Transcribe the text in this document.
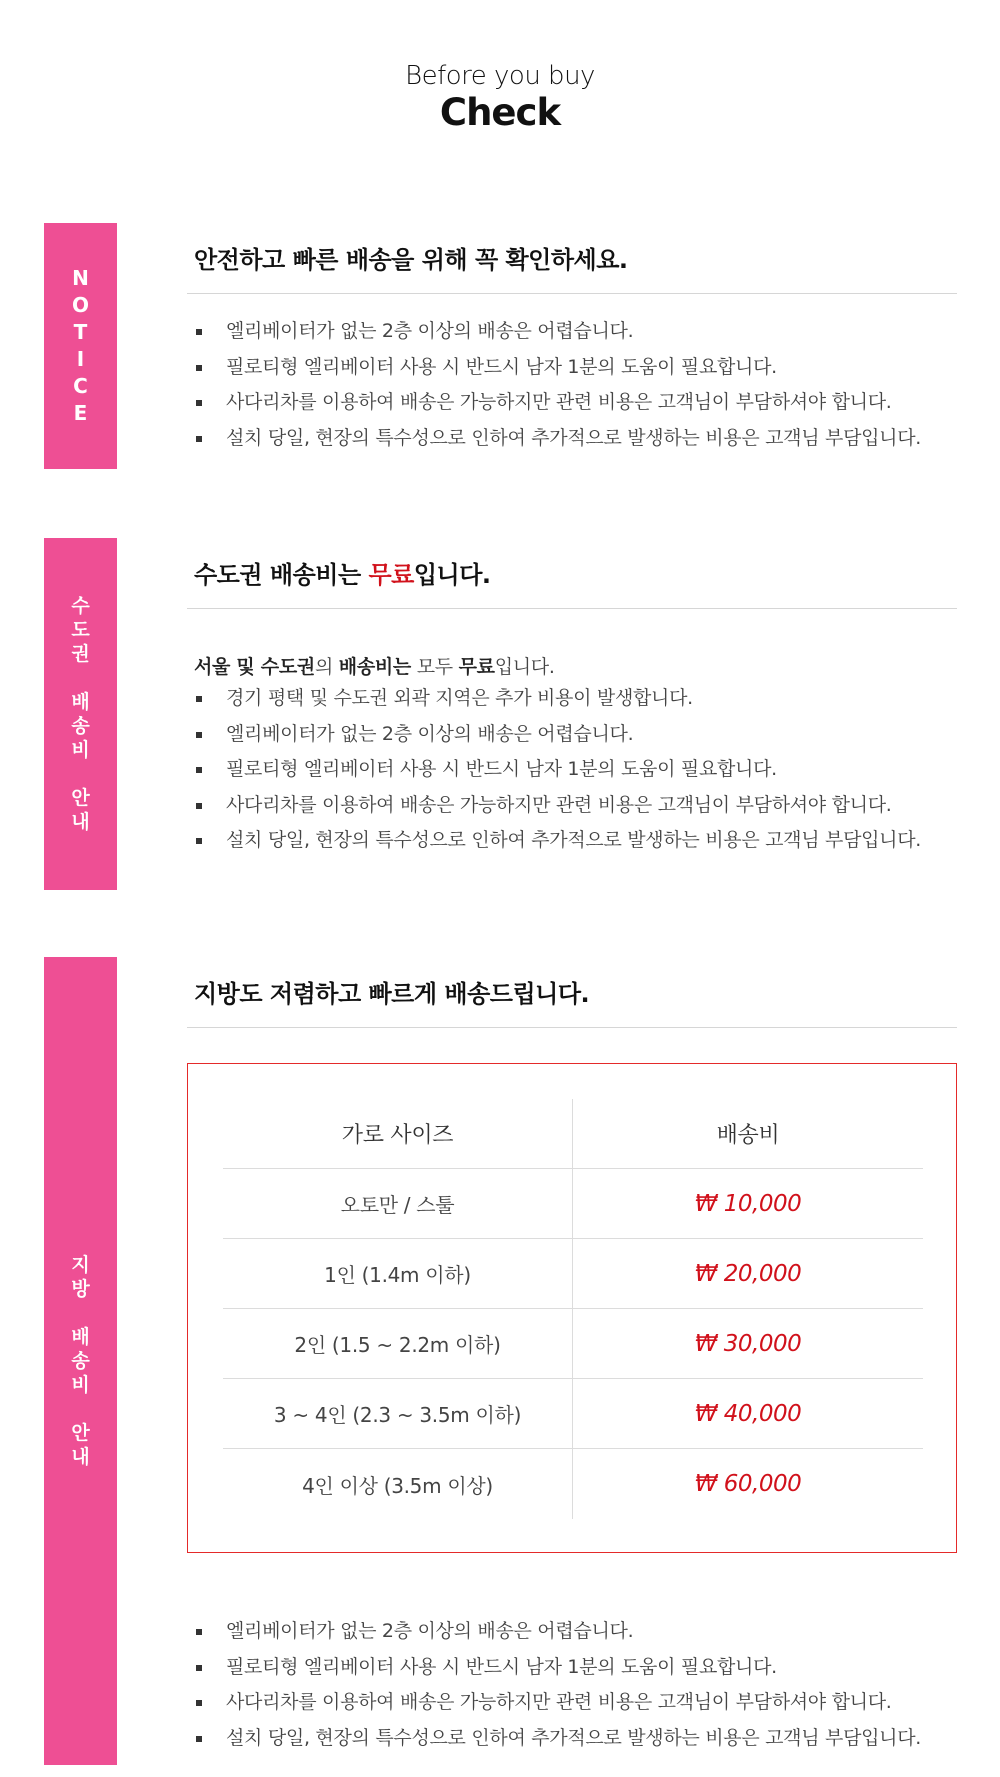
Before you buy
Check
N
O
T
I
C
E
안전하고 빠른 배송을 위해 꼭 확인하세요.
엘리베이터가 없는 2층 이상의 배송은 어렵습니다.
필로티형 엘리베이터 사용 시 반드시 남자 1분의 도움이 필요합니다.
사다리차를 이용하여 배송은 가능하지만 관련 비용은 고객님이 부담하셔야 합니다.
설치 당일, 현장의 특수성으로 인하여 추가적으로 발생하는 비용은 고객님 부담입니다.
수도권
배송비
안내
수도권 배송비는 무료입니다.
서울 및 수도권의 배송비는 모두 무료입니다.
경기 평택 및 수도권 외곽 지역은 추가 비용이 발생합니다.
엘리베이터가 없는 2층 이상의 배송은 어렵습니다.
필로티형 엘리베이터 사용 시 반드시 남자 1분의 도움이 필요합니다.
사다리차를 이용하여 배송은 가능하지만 관련 비용은 고객님이 부담하셔야 합니다.
설치 당일, 현장의 특수성으로 인하여 추가적으로 발생하는 비용은 고객님 부담입니다.
지방
배송비
안내
지방도 저렴하고 빠르게 배송드립니다.
가로 사이즈	배송비
오토만 / 스툴	₩ 10,000
1인 (1.4m 이하)	₩ 20,000
2인 (1.5 ~ 2.2m 이하)	₩ 30,000
3 ~ 4인 (2.3 ~ 3.5m 이하)	₩ 40,000
4인 이상 (3.5m 이상)	₩ 60,000
엘리베이터가 없는 2층 이상의 배송은 어렵습니다.
필로티형 엘리베이터 사용 시 반드시 남자 1분의 도움이 필요합니다.
사다리차를 이용하여 배송은 가능하지만 관련 비용은 고객님이 부담하셔야 합니다.
설치 당일, 현장의 특수성으로 인하여 추가적으로 발생하는 비용은 고객님 부담입니다.
